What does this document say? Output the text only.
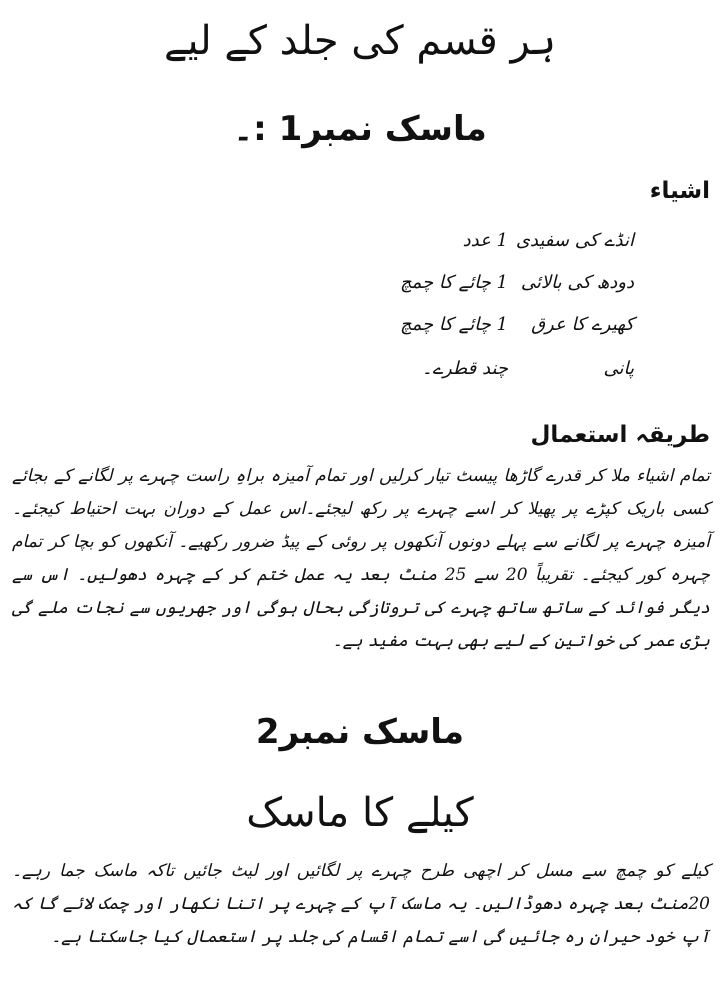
ہر قسم کی جلد کے لیے
ماسک نمبر1 :۔
اشیاء
انڈے کی سفیدی
1 عدد
دودھ کی بالائی
1 چائے کا چمچ
کھیرے کا عرق
1 چائے کا چمچ
پانی
چند قطرے۔
طریقہ استعمال
تمام اشیاء ملا کر قدرے گاڑھا پیسٹ تیار کرلیں اور تمام آمیزہ براہِ راست چہرے پر لگانے کے بجائے کسی باریک کپڑے پر پھیلا کر اسے چہرے پر رکھ لیجئے۔اس عمل کے دوران بہت احتیاط کیجئے۔ آمیزہ چہرے پر لگانے سے پہلے دونوں آنکھوں پر روئی کے پیڈ ضرور رکھیے۔ آنکھوں کو بچا کر تمام چہرہ کور کیجئے۔ تقریباً 20 سے 25 منٹ بعد یہ عمل ختم کر کے چہرہ دھولیں۔ اس سے دیگر فوائد کے ساتھ ساتھ چہرے کی تروتازگی بحال ہوگی اور جھریوں سے نجات ملے گی بڑی عمر کی خواتین کے لیے بھی بہت مفید ہے۔
ماسک نمبر2
کیلے کا ماسک
کیلے کو چمچ سے مسل کر اچھی طرح چہرے پر لگائیں اور لیٹ جائیں تاکہ ماسک جما رہے۔20منٹ بعد چہرہ دھوڈالیں۔ یہ ماسک آپ کے چہرے پر اتنا نکھار اور چمک لائے گا کہ آپ خود حیران رہ جائیں گی اسے تمام اقسام کی جلد پر استعمال کیا جاسکتا ہے۔
